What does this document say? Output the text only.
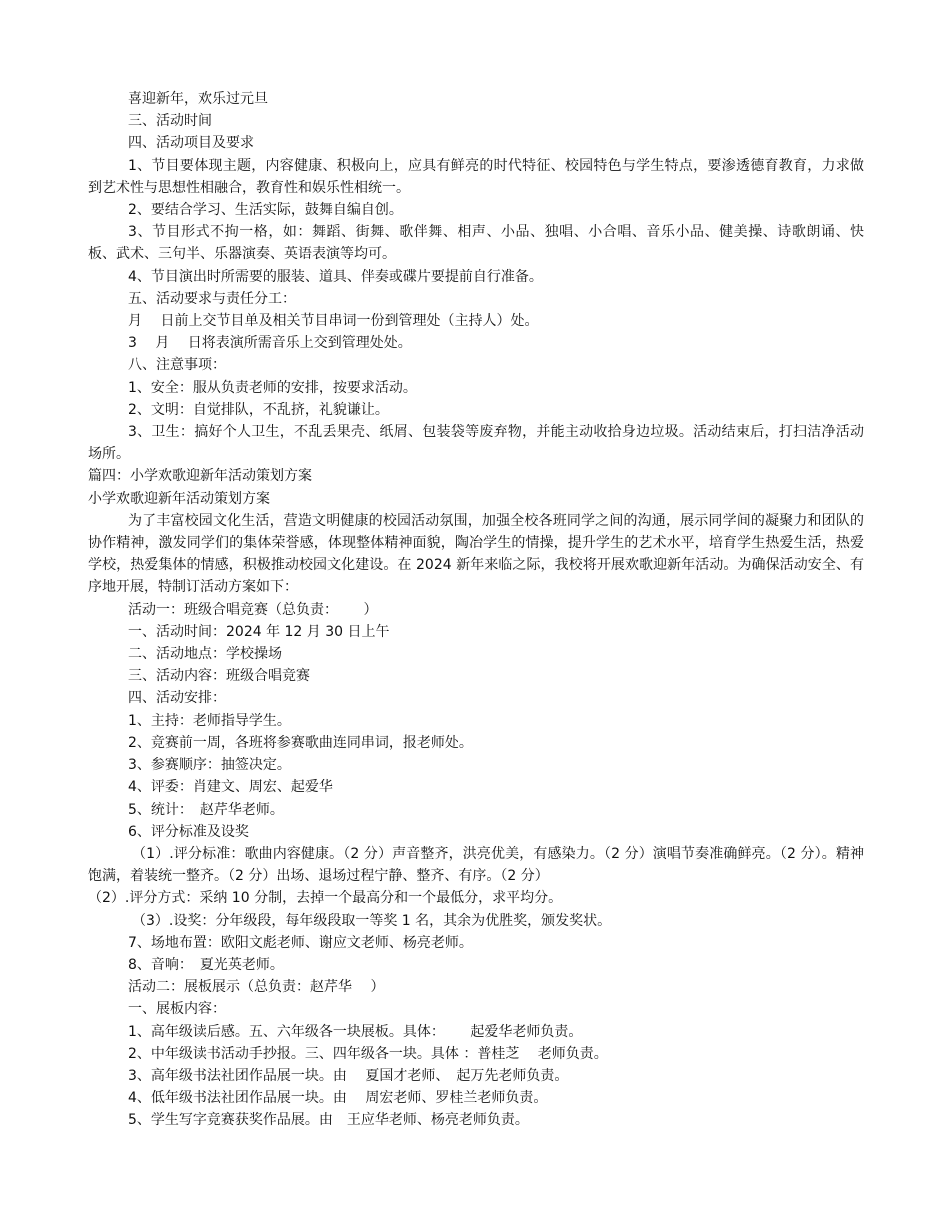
喜迎新年，欢乐过元旦
三、活动时间
四、活动项目及要求
1、节目要体现主题，内容健康、积极向上，应具有鲜亮的时代特征、校园特色与学生特点，要渗透德育教育，力求做到艺术性与思想性相融合，教育性和娱乐性相统一。
2、要结合学习、生活实际，鼓舞自编自创。
3、节目形式不拘一格，如：舞蹈、街舞、歌伴舞、相声、小品、独唱、小合唱、音乐小品、健美操、诗歌朗诵、快板、武术、三句半、乐器演奏、英语表演等均可。
4、节目演出时所需要的服装、道具、伴奏或碟片要提前自行准备。
五、活动要求与责任分工：
月　 日前上交节目单及相关节目串词一份到管理处（主持人）处。
3　 月　 日将表演所需音乐上交到管理处处。
八、注意事项：
1、安全：服从负责老师的安排，按要求活动。
2、文明：自觉排队，不乱挤，礼貌谦让。
3、卫生：搞好个人卫生，不乱丢果壳、纸屑、包装袋等废弃物，并能主动收拾身边垃圾。活动结束后，打扫洁净活动场所。
篇四：小学欢歌迎新年活动策划方案
小学欢歌迎新年活动策划方案
为了丰富校园文化生活，营造文明健康的校园活动氛围，加强全校各班同学之间的沟通，展示同学间的凝聚力和团队的协作精神，激发同学们的集体荣誉感，体现整体精神面貌，陶冶学生的情操，提升学生的艺术水平，培育学生热爱生活，热爱学校，热爱集体的情感，积极推动校园文化建设。在 2024 新年来临之际，我校将开展欢歌迎新年活动。为确保活动安全、有序地开展，特制订活动方案如下：
活动一：班级合唱竞赛（总负责：　　 ）
一、活动时间：2024 年 12 月 30 日上午
二、活动地点：学校操场
三、活动内容：班级合唱竞赛
四、活动安排：
1、主持：老师指导学生。
2、竞赛前一周，各班将参赛歌曲连同串词，报老师处。
3、参赛顺序：抽签决定。
4、评委：肖建文、周宏、起爱华
5、统计：　赵芹华老师。
6、评分标准及设奖
（1）.评分标准：歌曲内容健康。（2 分）声音整齐，洪亮优美，有感染力。（2 分）演唱节奏准确鲜亮。（2 分）。精神饱满，着装统一整齐。（2 分）出场、退场过程宁静、整齐、有序。（2 分）
（2）.评分方式：采纳 10 分制，去掉一个最高分和一个最低分，求平均分。
（3）.设奖：分年级段，每年级段取一等奖 1 名，其余为优胜奖，颁发奖状。
7、场地布置：欧阳文彪老师、谢应文老师、杨亮老师。
8、音响：　夏光英老师。
活动二：展板展示（总负责：赵芹华　 ）
一、展板内容：
1、高年级读后感。五、六年级各一块展板。具体：　　 起爱华老师负责。
2、中年级读书活动手抄报。三、四年级各一块。具体 ：普桂芝　 老师负责。
3、高年级书法社团作品展一块。由　 夏国才老师、　起万先老师负责。
4、低年级书法社团作品展一块。由　 周宏老师、罗桂兰老师负责。
5、学生写字竞赛获奖作品展。由　王应华老师、杨亮老师负责。
